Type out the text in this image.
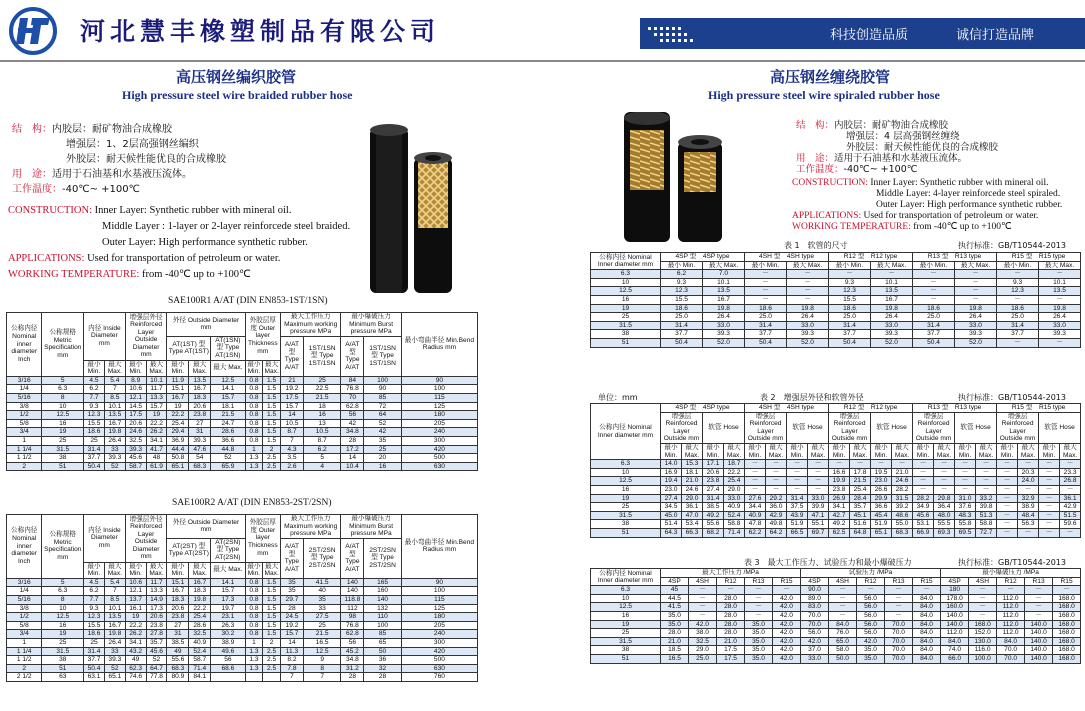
河北慧丰橡塑制品有限公司	科技创造品质	诚信打造品牌
高压钢丝编织胶管
High pressure steel wire braided rubber hose
结　构：内胶层：耐矿物油合成橡胶
增强层：1、2层高强钢丝编织
外胶层：耐天候性能优良的合成橡胶
用　途：适用于石油基和水基液压流体。
工作温度：-40℃~ +100℃
CONSTRUCTION: Inner Layer: Synthetic rubber with mineral oil.
Middle Layer : 1-layer or 2-layer reinforcede steel braided.
Outer Layer: High performance synthetic rubber.
APPLICATIONS: Used for transportation of petroleum or water.
WORKING TEMPERATURE: from -40℃ up to +100℃
SAE100R1 A/AT (DIN EN853-1ST/1SN)
公称内径 Nominal inner diameter Inch	公称规格 Metric Specification mm	内径 Inside Diameter mm		增强层外径 Reinforced Layer Outside Diameter mm		外径 Outside Diameter mm			外胶层厚度 Outer layer Thickness mm		最大工作压力 Maximum working pressure MPa		最小爆破压力 Minimum Burst pressure MPa		最小弯曲半径 Min.Bend Radius mm
						AT(1ST) 型 Type AT(1ST)		AT(1SN) 型 Type AT(1SN)			A/AT 型 Type A/AT	1ST/1SN 型 Type 1ST/1SN	A/AT 型 Type A/AT	1ST/1SN 型 Type 1ST/1SN	
		最小 Min.	最大 Max.	最小 Min.	最大 Max.	最小 Min.	最大 Max.	最大 Max.	最小 Min.	最大 Max.					
3/16	5	4.5	5.4	8.9	10.1	11.9	13.5	12.5	0.8	1.5	21	25	84	100	90
1/4	6.3	6.2	7	10.6	11.7	15.1	16.7	14.1	0.8	1.5	19.2	22.5	76.8	90	100
5/16	8	7.7	8.5	12.1	13.3	16.7	18.3	15.7	0.8	1.5	17.5	21.5	70	85	115
3/8	10	9.3	10.1	14.5	15.7	19	20.6	18.1	0.8	1.5	15.7	18	62.8	72	125
1/2	12.5	12.3	13.5	17.5	19	22.2	23.8	21.5	0.8	1.5	14	16	56	64	180
5/8	16	15.5	16.7	20.6	22.2	25.4	27	24.7	0.8	1.5	10.5	13	42	52	205
3/4	19	18.6	19.8	24.6	26.2	29.4	31	28.6	0.8	1.5	8.7	10.5	34.8	42	240
1	25	25	26.4	32.5	34.1	36.9	39.3	36.6	0.8	1.5	7	8.7	28	35	300
1 1/4	31.5	31.4	33	39.3	41.7	44.4	47.6	44.8	1	2	4.3	6.2	17.2	25	420
1 1/2	38	37.7	39.3	45.6	48	50.8	54	52	1.3	2.5	3.5	5	14	20	500
2	51	50.4	52	58.7	61.9	65.1	68.3	65.9	1.3	2.5	2.6	4	10.4	16	630
SAE100R2 A/AT (DIN EN853-2ST/2SN)
公称内径 Nominal inner diameter Inch	公称规格 Metric Specification mm	内径 Inside Diameter mm		增强层外径 Reinforced Layer Outside Diameter mm		外径 Outside Diameter mm			外胶层厚度 Outer layer Thickness mm		最大工作压力 Maximum working pressure MPa		最小爆破压力 Minimum Burst pressure MPa		最小弯曲半径 Min.Bend Radius mm
						AT(2ST) 型 Type AT(2ST)		AT(2SN) 型 Type AT(2SN)			A/AT 型 Type A/AT	2ST/2SN 型 Type 2ST/2SN	A/AT 型 Type A/AT	2ST/2SN 型 Type 2ST/2SN	
		最小 Min.	最大 Max.	最小 Min.	最大 Max.	最小 Min.	最大 Max.	最大 Max.	最小 Min.	最大 Max.					
3/16	5	4.5	5.4	10.6	11.7	15.1	16.7	14.1	0.8	1.5	35	41.5	140	165	90
1/4	6.3	6.2	7	12.1	13.3	16.7	18.3	15.7	0.8	1.5	35	40	140	160	100
5/16	8	7.7	8.5	13.7	14.9	18.3	19.8	17.3	0.8	1.5	29.7	35	118.8	140	115
3/8	10	9.3	10.1	16.1	17.3	20.6	22.2	19.7	0.8	1.5	28	33	112	132	125
1/2	12.5	12.3	13.5	19	20.6	23.8	25.4	23.1	0.8	1.5	24.5	27.5	98	110	180
5/8	16	15.5	16.7	22.2	23.8	27	28.6	26.3	0.8	1.5	19.2	25	76.8	100	205
3/4	19	18.6	19.8	26.2	27.8	31	32.5	30.2	0.8	1.5	15.7	21.5	62.8	85	240
1	25	25	26.4	34.1	35.7	38.5	40.9	38.9	1	2	14	16.5	56	65	300
1 1/4	31.5	31.4	33	43.2	45.6	49	52.4	49.6	1.3	2.5	11.3	12.5	45.2	50	420
1 1/2	38	37.7	39.3	49	52	55.6	58.7	56	1.3	2.5	8.2	9	34.8	36	500
2	51	50.4	52	62.3	64.7	68.3	71.4	68.6	1.3	2.5	7.8	8	31.2	32	630
2 1/2	63	63.1	65.1	74.6	77.8	80.9	84.1				7	7	28	28	760
高压钢丝缠绕胶管
High pressure steel wire spiraled rubber hose
结　构：内胶层：耐矿物油合成橡胶
增强层：4 层高强钢丝缠绕
外胶层：耐天候性能优良的合成橡胶
用　途：适用于石油基和水基液压流体。
工作温度：-40℃~ +100℃
CONSTRUCTION: Inner Layer: Synthetic rubber with mineral oil.
Middle Layer: 4-layer reinforcede steel spiraled.
Outer Layer: High performance synthetic rubber.
APPLICATIONS: Used for transportation of petroleum or water.
WORKING TEMPERATURE: from -40℃ up to +100℃
表 1　软管的尺寸	执行标准：GB/T10544-2013
公称内径 Nominal Inner diameter mm	4SP 型　4SP type		4SH 型　4SH type		R12 型　R12 type		R13 型　R13 type		R15 型　R15 type	
	最小 Min.	最大 Max.	最小 Min.	最大 Max.	最小 Min.	最大 Max.	最小 Min.	最大 Max.	最小 Min.	最大 Max.
6.3	6.2	7.0	－	－	－	－	－	－	－	－
10	9.3	10.1	－	－	9.3	10.1	－	－	9.3	10.1
12.5	12.3	13.5	－	－	12.3	13.5	－	－	12.3	13.5
16	15.5	16.7	－	－	15.5	16.7	－	－	－	－
19	18.6	19.8	18.6	19.8	18.6	19.8	18.6	19.8	18.6	19.8
25	25.0	26.4	25.0	26.4	25.0	26.4	25.0	26.4	25.0	26.4
31.5	31.4	33.0	31.4	33.0	31.4	33.0	31.4	33.0	31.4	33.0
38	37.7	39.3	37.7	39.3	37.7	39.3	37.7	39.3	37.7	39.3
51	50.4	52.0	50.4	52.0	50.4	52.0	50.4	52.0	－	－
单位：mm	表 2　增强层外径和软管外径	执行标准：GB/T10544-2013
公称内径 Nominal Inner diameter mm	4SP 型　4SP type				4SH 型　4SH type				R12 型　R12 type				R13 型　R13 type				R15 型　R15 type			
	增强层 Reinforced Layer Outside mm		软管 Hose		增强层 Reinforced Layer Outside mm		软管 Hose		增强层 Reinforced Layer Outside mm		软管 Hose		增强层 Reinforced Layer Outside mm		软管 Hose		增强层 Reinforced Layer Outside mm		软管 Hose	
	最小 Min.	最大 Max.	最小 Min.	最大 Max.	最小 Min.	最大 Max.	最小 Min.	最大 Max.	最小 Min.	最大 Max.	最小 Min.	最大 Max.	最小 Min.	最大 Max.	最小 Min.	最大 Max.	最小 Min.	最大 Max.	最小 Min.	最大 Max.
6.3	14.0	15.3	17.1	18.7	－	－	－	－	－	－	－	－	－	－	－	－	－	－	－	－
10	16.9	18.1	20.6	22.2	－	－	－	－	16.6	17.8	19.5	21.0	－	－	－	－	－	20.3	－	23.3
12.5	19.4	21.0	23.8	25.4	－	－	－	－	19.9	21.5	23.0	24.6	－	－	－	－	－	24.0	－	26.8
16	23.0	24.6	27.4	29.0	－	－	－	－	23.8	25.4	26.6	28.2	－	－	－	－	－	－	－	－
19	27.4	29.0	31.4	33.0	27.6	29.2	31.4	33.0	26.9	28.4	29.9	31.5	28.2	29.8	31.0	33.2	－	32.9	－	36.1
25	34.5	36.1	38.5	40.9	34.4	36.0	37.5	39.9	34.1	35.7	36.6	39.2	34.9	36.4	37.6	39.8	－	38.9	－	42.9
31.5	45.0	47.0	49.2	52.4	40.9	42.9	43.9	47.1	42.7	45.1	45.4	48.6	45.6	48.0	48.3	51.3	－	48.4	－	51.5
38	51.4	53.4	55.6	58.8	47.8	49.8	51.9	55.1	49.2	51.6	51.9	55.0	53.1	55.5	55.8	58.8	－	56.3	－	59.6
51	64.3	66.3	68.2	71.4	62.2	64.2	66.5	69.7	62.5	64.8	65.1	68.3	66.9	69.3	69.5	72.7	－	－	－	－
表 3　最大工作压力、试验压力和最小爆破压力	执行标准：GB/T10544-2013
公称内径 Nominal Inner diameter mm	最大工作压力 /MPa					试验压力 /MPa					最小爆破压力 /MPa				
	4SP	4SH	R12	R13	R15	4SP	4SH	R12	R13	R15	4SP	4SH	R12	R13	R15
6.3	45	－	－	－	－	90.0	－	－	－	－	180	－	－	－	－
10	44.5	－	28.0	－	42.0	89.0	－	56.0	－	84.0	178.0	－	112.0	－	168.0
12.5	41.5	－	28.0	－	42.0	83.0	－	56.0	－	84.0	160.0	－	112.0	－	168.0
16	35.0	－	28.0	－	42.0	70.0	－	56.0	－	84.0	140.0	－	112.0	－	168.0
19	35.0	42.0	28.0	35.0	42.0	70.0	84.0	56.0	70.0	84.0	140.0	168.0	112.0	140.0	168.0
25	28.0	38.0	28.0	35.0	42.0	56.0	76.0	56.0	70.0	84.0	112.0	152.0	112.0	140.0	168.0
31.5	21.0	32.5	21.0	35.0	42.0	42.0	65.0	42.0	70.0	84.0	84.0	130.0	84.0	140.0	168.0
38	18.5	29.0	17.5	35.0	42.0	37.0	58.0	35.0	70.0	84.0	74.0	116.0	70.0	140.0	168.0
51	16.5	25.0	17.5	35.0	42.0	33.0	50.0	35.0	70.0	84.0	66.0	100.0	70.0	140.0	168.0
